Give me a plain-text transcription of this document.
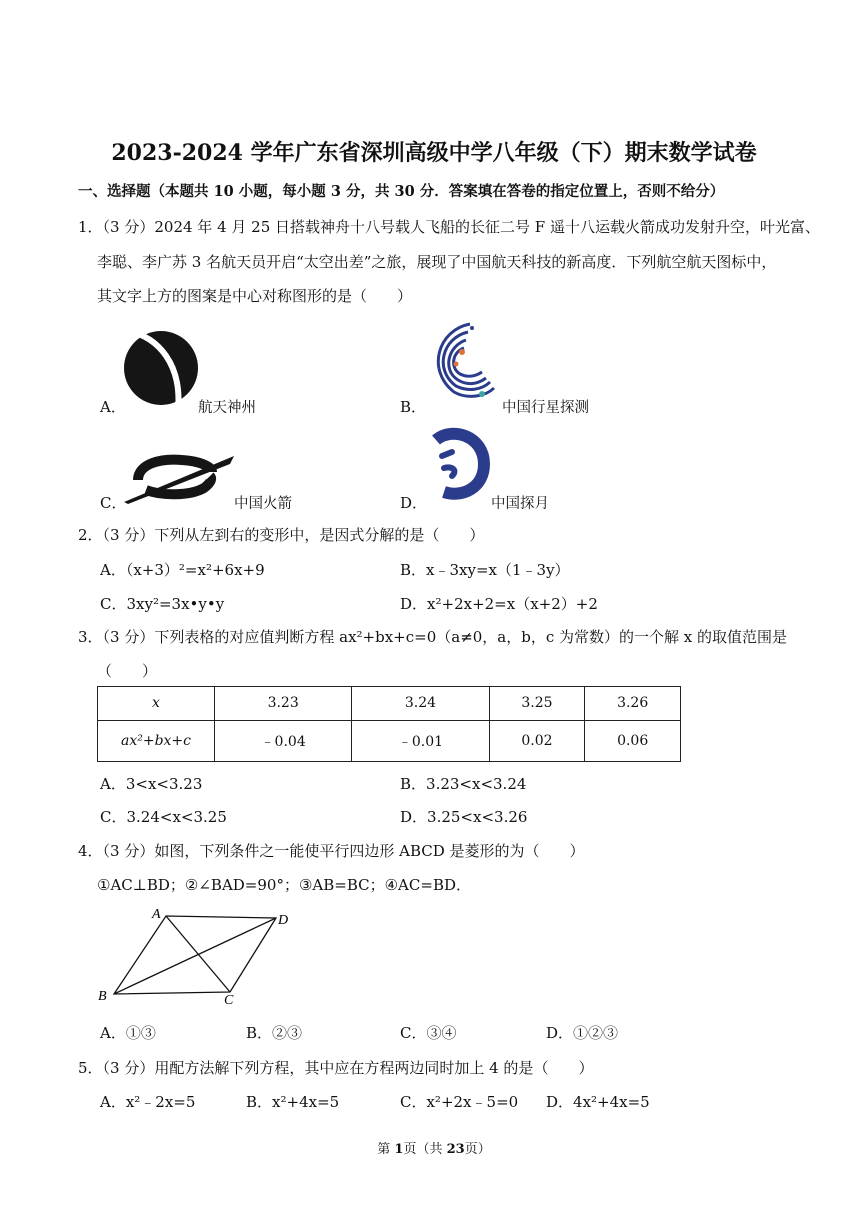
2023-2024 学年广东省深圳高级中学八年级（下）期末数学试卷
一、选择题（本题共 10 小题，每小题 3 分，共 30 分．答案填在答卷的指定位置上，否则不给分）
1．（3 分）2024 年 4 月 25 日搭载神舟十八号载人飞船的长征二号 F 遥十八运载火箭成功发射升空，叶光富、
李聪、李广苏 3 名航天员开启“太空出差”之旅，展现了中国航天科技的新高度．下列航空航天图标中，
其文字上方的图案是中心对称图形的是（　　）
A．	航天神州	B．	中国行星探测
C．	中国火箭	D．	中国探月
2．（3 分）下列从左到右的变形中，是因式分解的是（　　）
A．（x+3）²=x²+6x+9	B．x﹣3xy=x（1﹣3y）
C．3xy²=3x•y•y	D．x²+2x+2=x（x+2）+2
3．（3 分）下列表格的对应值判断方程 ax²+bx+c=0（a≠0，a，b，c 为常数）的一个解 x 的取值范围是
（　　）
x	3.23	3.24	3.25	3.26
ax²+bx+c	﹣0.04	﹣0.01	0.02	0.06
A．3<x<3.23	B．3.23<x<3.24
C．3.24<x<3.25	D．3.25<x<3.26
4．（3 分）如图，下列条件之一能使平行四边形 ABCD 是菱形的为（　　）
①AC⊥BD；②∠BAD=90°；③AB=BC；④AC=BD．
A	D
B	C
A．①③	B．②③	C．③④	D．①②③
5．（3 分）用配方法解下列方程，其中应在方程两边同时加上 4 的是（　　）
A．x²﹣2x=5	B．x²+4x=5	C．x²+2x﹣5=0 D．4x²+4x=5
第 1页（共 23页）
